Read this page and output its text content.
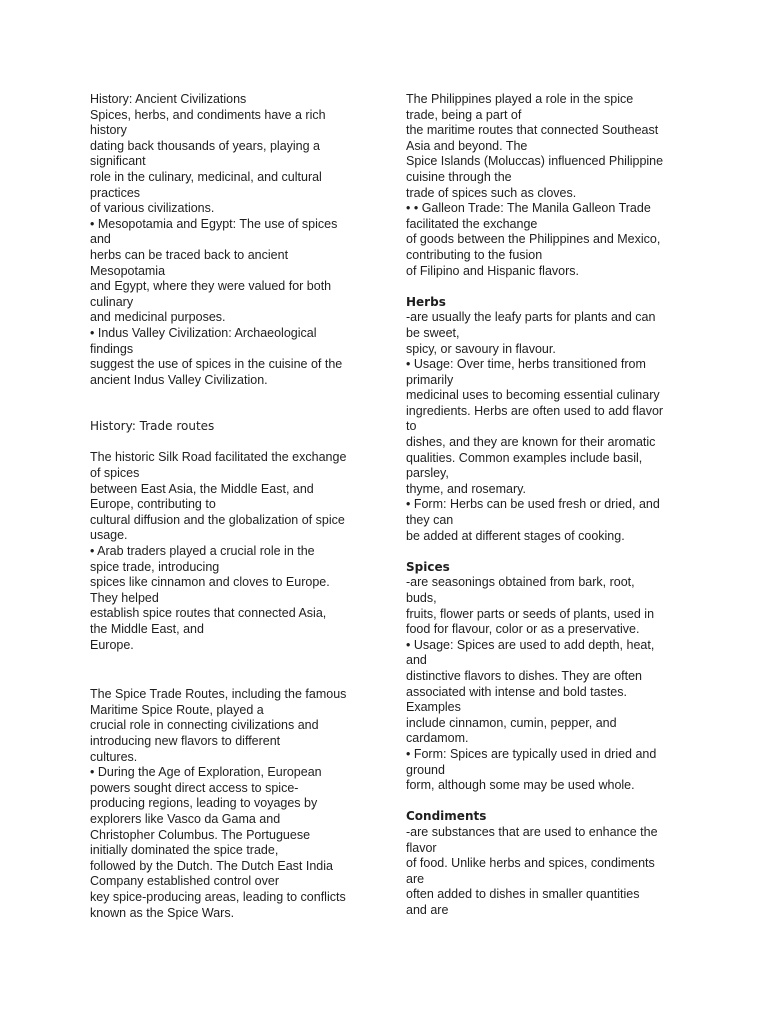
History: Ancient Civilizations
Spices, herbs, and condiments have a rich
history
dating back thousands of years, playing a
significant
role in the culinary, medicinal, and cultural
practices
of various civilizations.
• Mesopotamia and Egypt: The use of spices
and
herbs can be traced back to ancient
Mesopotamia
and Egypt, where they were valued for both
culinary
and medicinal purposes.
• Indus Valley Civilization: Archaeological
findings
suggest the use of spices in the cuisine of the
ancient Indus Valley Civilization.
History: Trade routes
The historic Silk Road facilitated the exchange
of spices
between East Asia, the Middle East, and
Europe, contributing to
cultural diffusion and the globalization of spice
usage.
• Arab traders played a crucial role in the
spice trade, introducing
spices like cinnamon and cloves to Europe.
They helped
establish spice routes that connected Asia,
the Middle East, and
Europe.
The Spice Trade Routes, including the famous
Maritime Spice Route, played a
crucial role in connecting civilizations and
introducing new flavors to different
cultures.
• During the Age of Exploration, European
powers sought direct access to spice-
producing regions, leading to voyages by
explorers like Vasco da Gama and
Christopher Columbus. The Portuguese
initially dominated the spice trade,
followed by the Dutch. The Dutch East India
Company established control over
key spice-producing areas, leading to conflicts
known as the Spice Wars.
The Philippines played a role in the spice
trade, being a part of
the maritime routes that connected Southeast
Asia and beyond. The
Spice Islands (Moluccas) influenced Philippine
cuisine through the
trade of spices such as cloves.
• • Galleon Trade: The Manila Galleon Trade
facilitated the exchange
of goods between the Philippines and Mexico,
contributing to the fusion
of Filipino and Hispanic flavors.
Herbs
-are usually the leafy parts for plants and can
be sweet,
spicy, or savoury in flavour.
• Usage: Over time, herbs transitioned from
primarily
medicinal uses to becoming essential culinary
ingredients. Herbs are often used to add flavor
to
dishes, and they are known for their aromatic
qualities. Common examples include basil,
parsley,
thyme, and rosemary.
• Form: Herbs can be used fresh or dried, and
they can
be added at different stages of cooking.
Spices
-are seasonings obtained from bark, root,
buds,
fruits, flower parts or seeds of plants, used in
food for flavour, color or as a preservative.
• Usage: Spices are used to add depth, heat,
and
distinctive flavors to dishes. They are often
associated with intense and bold tastes.
Examples
include cinnamon, cumin, pepper, and
cardamom.
• Form: Spices are typically used in dried and
ground
form, although some may be used whole.
Condiments
-are substances that are used to enhance the
flavor
of food. Unlike herbs and spices, condiments
are
often added to dishes in smaller quantities
and are
